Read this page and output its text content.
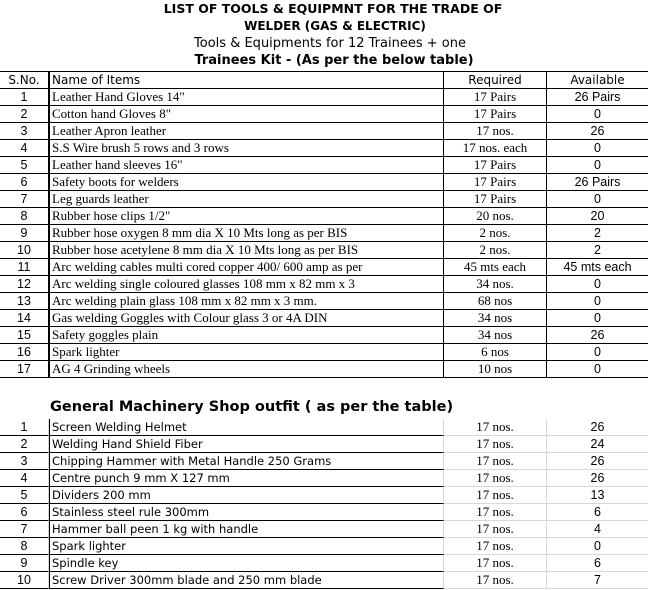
LIST OF TOOLS & EQUIPMNT FOR THE TRADE OF
WELDER (GAS & ELECTRIC)
Tools & Equipments for 12 Trainees + one
Trainees Kit - (As per the below table)
S.No.	Name of Items	Required	Available
1	Leather Hand Gloves 14"	17 Pairs	26 Pairs
2	Cotton hand Gloves 8"	17 Pairs	0
3	Leather Apron leather	17 nos.	26
4	S.S Wire brush 5 rows and 3 rows	17 nos. each	0
5	Leather hand sleeves 16"	17 Pairs	0
6	Safety boots for welders	17 Pairs	26 Pairs
7	Leg guards leather	17 Pairs	0
8	Rubber hose clips 1/2"	20 nos.	20
9	Rubber hose oxygen 8 mm dia X 10 Mts long as per BIS	2 nos.	2
10	Rubber hose acetylene 8 mm dia X 10 Mts long as per BIS	2 nos.	2
11	Arc welding cables multi cored copper 400/ 600 amp as per	45 mts each	45 mts each
12	Arc welding single coloured glasses 108 mm x 82 mm x 3	34 nos.	0
13	Arc welding plain glass 108 mm x 82 mm x 3 mm.	68 nos	0
14	Gas welding Goggles with Colour glass 3 or 4A DIN	34 nos	0
15	Safety goggles plain	34 nos	26
16	Spark lighter	6 nos	0
17	AG 4 Grinding wheels	10 nos	0
General Machinery Shop outfit ( as per the table)
1	Screen Welding Helmet	17 nos.	26
2	Welding Hand Shield Fiber	17 nos.	24
3	Chipping Hammer with Metal Handle 250 Grams	17 nos.	26
4	Centre punch 9 mm X 127 mm	17 nos.	26
5	Dividers 200 mm	17 nos.	13
6	Stainless steel rule 300mm	17 nos.	6
7	Hammer ball peen 1 kg with handle	17 nos.	4
8	Spark lighter	17 nos.	0
9	Spindle key	17 nos.	6
10	Screw Driver 300mm blade and 250 mm blade	17 nos.	7
